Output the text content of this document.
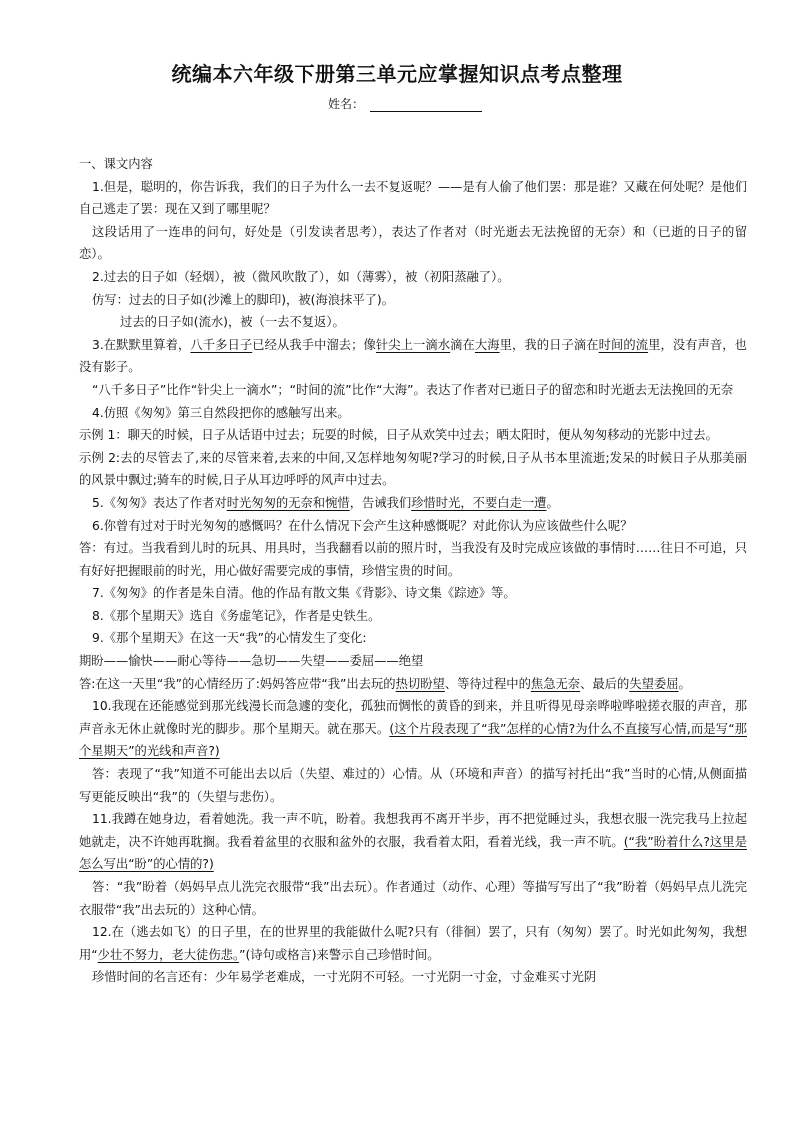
统编本六年级下册第三单元应掌握知识点考点整理
姓名：

一、课文内容

1.但是，聪明的，你告诉我，我们的日子为什么一去不复返呢？——是有人偷了他们罢：那是谁？又藏在何处呢？是他们自己逃走了罢：现在又到了哪里呢？

这段话用了一连串的问句，好处是（引发读者思考），表达了作者对（时光逝去无法挽留的无奈）和（已逝的日子的留恋）。

2.过去的日子如（轻烟），被（微风吹散了），如（薄雾），被（初阳蒸融了）。

仿写：过去的日子如(沙滩上的脚印)，被(海浪抹平了)。

过去的日子如(流水)，被（一去不复返）。

3.在默默里算着，八千多日子已经从我手中溜去；像针尖上一滴水滴在大海里，我的日子滴在时间的流里，没有声音，也没有影子。

“八千多日子”比作“针尖上一滴水”；“时间的流”比作“大海”。表达了作者对已逝日子的留恋和时光逝去无法挽回的无奈

4.仿照《匆匆》第三自然段把你的感触写出来。

示例 1：聊天的时候，日子从话语中过去；玩耍的时候，日子从欢笑中过去；晒太阳时，便从匆匆移动的光影中过去。

示例 2:去的尽管去了,来的尽管来着,去来的中间,又怎样地匆匆呢?学习的时候,日子从书本里流逝;发呆的时候日子从那美丽的风景中飘过;骑车的时候,日子从耳边呼呼的风声中过去。

5.《匆匆》表达了作者对时光匆匆的无奈和惋惜，告诫我们珍惜时光，不要白走一遭。

6.你曾有过对于时光匆匆的感慨吗？在什么情况下会产生这种感慨呢？对此你认为应该做些什么呢？

答：有过。当我看到儿时的玩具、用具时，当我翻看以前的照片时，当我没有及时完成应该做的事情时……往日不可追，只有好好把握眼前的时光，用心做好需要完成的事情，珍惜宝贵的时间。

7.《匆匆》的作者是朱自清。他的作品有散文集《背影》、诗文集《踪迹》等。

8.《那个星期天》选自《务虚笔记》，作者是史铁生。

9.《那个星期天》在这一天“我”的心情发生了变化:

期盼——愉快——耐心等待——急切——失望——委屈——绝望

答:在这一天里“我”的心情经历了:妈妈答应带“我”出去玩的热切盼望、等待过程中的焦急无奈、最后的失望委屈。

10.我现在还能感觉到那光线漫长而急遽的变化，孤独而惆怅的黄昏的到来，并且听得见母亲哗啦哗啦搓衣服的声音，那声音永无休止就像时光的脚步。那个星期天。就在那天。(这个片段表现了“我”怎样的心情?为什么不直接写心情,而是写“那个星期天”的光线和声音?)

答：表现了“我”知道不可能出去以后（失望、难过的）心情。从（环境和声音）的描写衬托出“我”当时的心情,从侧面描写更能反映出“我”的（失望与悲伤）。

11.我蹲在她身边，看着她洗。我一声不吭，盼着。我想我再不离开半步，再不把觉睡过头，我想衣服一洗完我马上拉起她就走，决不许她再耽搁。我看着盆里的衣服和盆外的衣服，我看着太阳，看着光线，我一声不吭。(“我”盼着什么?这里是怎么写出“盼”的心情的?)

答：“我”盼着（妈妈早点儿洗完衣服带“我”出去玩）。作者通过（动作、心理）等描写写出了“我”盼着（妈妈早点儿洗完衣服带“我”出去玩的）这种心情。

12.在（逃去如飞）的日子里，在的世界里的我能做什么呢?只有（徘徊）罢了，只有（匆匆）罢了。时光如此匆匆，我想用“少壮不努力，老大徒伤悲。”(诗句或格言)来警示自己珍惜时间。

珍惜时间的名言还有：少年易学老难成，一寸光阴不可轻。一寸光阴一寸金，寸金难买寸光阴
